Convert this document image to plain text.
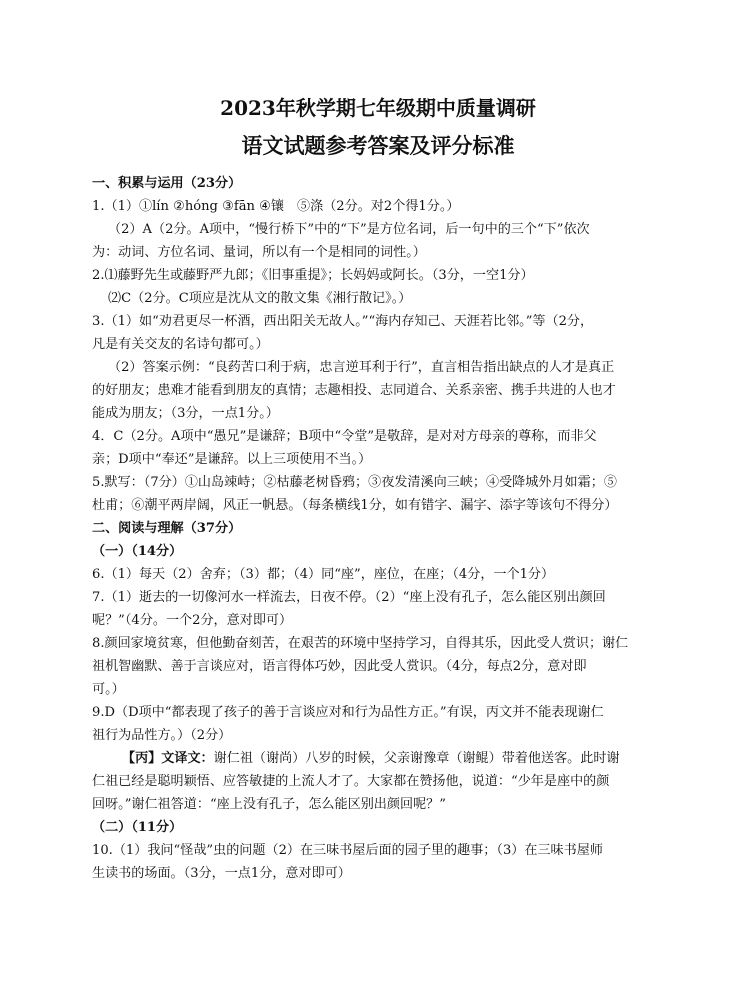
2023年秋学期七年级期中质量调研
语文试题参考答案及评分标准
一、积累与运用（23分）
1.（1）①lín ②hóng ③fān ④镶　⑤涤（2分。对2个得1分。）
（2）A（2分。A项中，“慢行桥下”中的“下”是方位名词，后一句中的三个“下”依次
为：动词、方位名词、量词，所以有一个是相同的词性。）
2.⑴藤野先生或藤野严九郎；《旧事重提》；长妈妈或阿长。（3分，一空1分）
⑵C（2分。C项应是沈从文的散文集《湘行散记》。）
3.（1）如“劝君更尽一杯酒，西出阳关无故人。”“海内存知己、天涯若比邻。”等（2分，
凡是有关交友的名诗句都可。）
（2）答案示例：“良药苦口利于病，忠言逆耳利于行”，直言相告指出缺点的人才是真正
的好朋友；患难才能看到朋友的真情；志趣相投、志同道合、关系亲密、携手共进的人也才
能成为朋友；（3分，一点1分。）
4．C（2分。A项中“愚兄”是谦辞；B项中“令堂”是敬辞，是对对方母亲的尊称，而非父
亲；D项中“奉还”是谦辞。以上三项使用不当。）
5.默写：（7分）①山岛竦峙；②枯藤老树昏鸦；③夜发清溪向三峡；④受降城外月如霜；⑤
杜甫；⑥潮平两岸阔，风正一帆悬。（每条横线1分，如有错字、漏字、添字等该句不得分）
二、阅读与理解（37分）
（一）（14分）
6.（1）每天（2）舍弃；（3）都；（4）同“座”，座位，在座；（4分，一个1分）
7.（1）逝去的一切像河水一样流去，日夜不停。（2）“座上没有孔子，怎么能区别出颜回
呢？”（4分。一个2分，意对即可）
8.颜回家境贫寒，但他勤奋刻苦，在艰苦的环境中坚持学习，自得其乐，因此受人赏识；谢仁
祖机智幽默、善于言谈应对，语言得体巧妙，因此受人赏识。（4分，每点2分，意对即
可。）
9.D（D项中“都表现了孩子的善于言谈应对和行为品性方正。”有误，丙文并不能表现谢仁
祖行为品性方。）（2分）
【丙】文译文：谢仁祖（谢尚）八岁的时候，父亲谢豫章（谢鲲）带着他送客。此时谢
仁祖已经是聪明颖悟、应答敏捷的上流人才了。大家都在赞扬他，说道：“少年是座中的颜
回呀。”谢仁祖答道：“座上没有孔子，怎么能区别出颜回呢？”
（二）（11分）
10.（1）我问“怪哉”虫的问题（2）在三味书屋后面的园子里的趣事；（3）在三味书屋师
生读书的场面。（3分，一点1分，意对即可）
